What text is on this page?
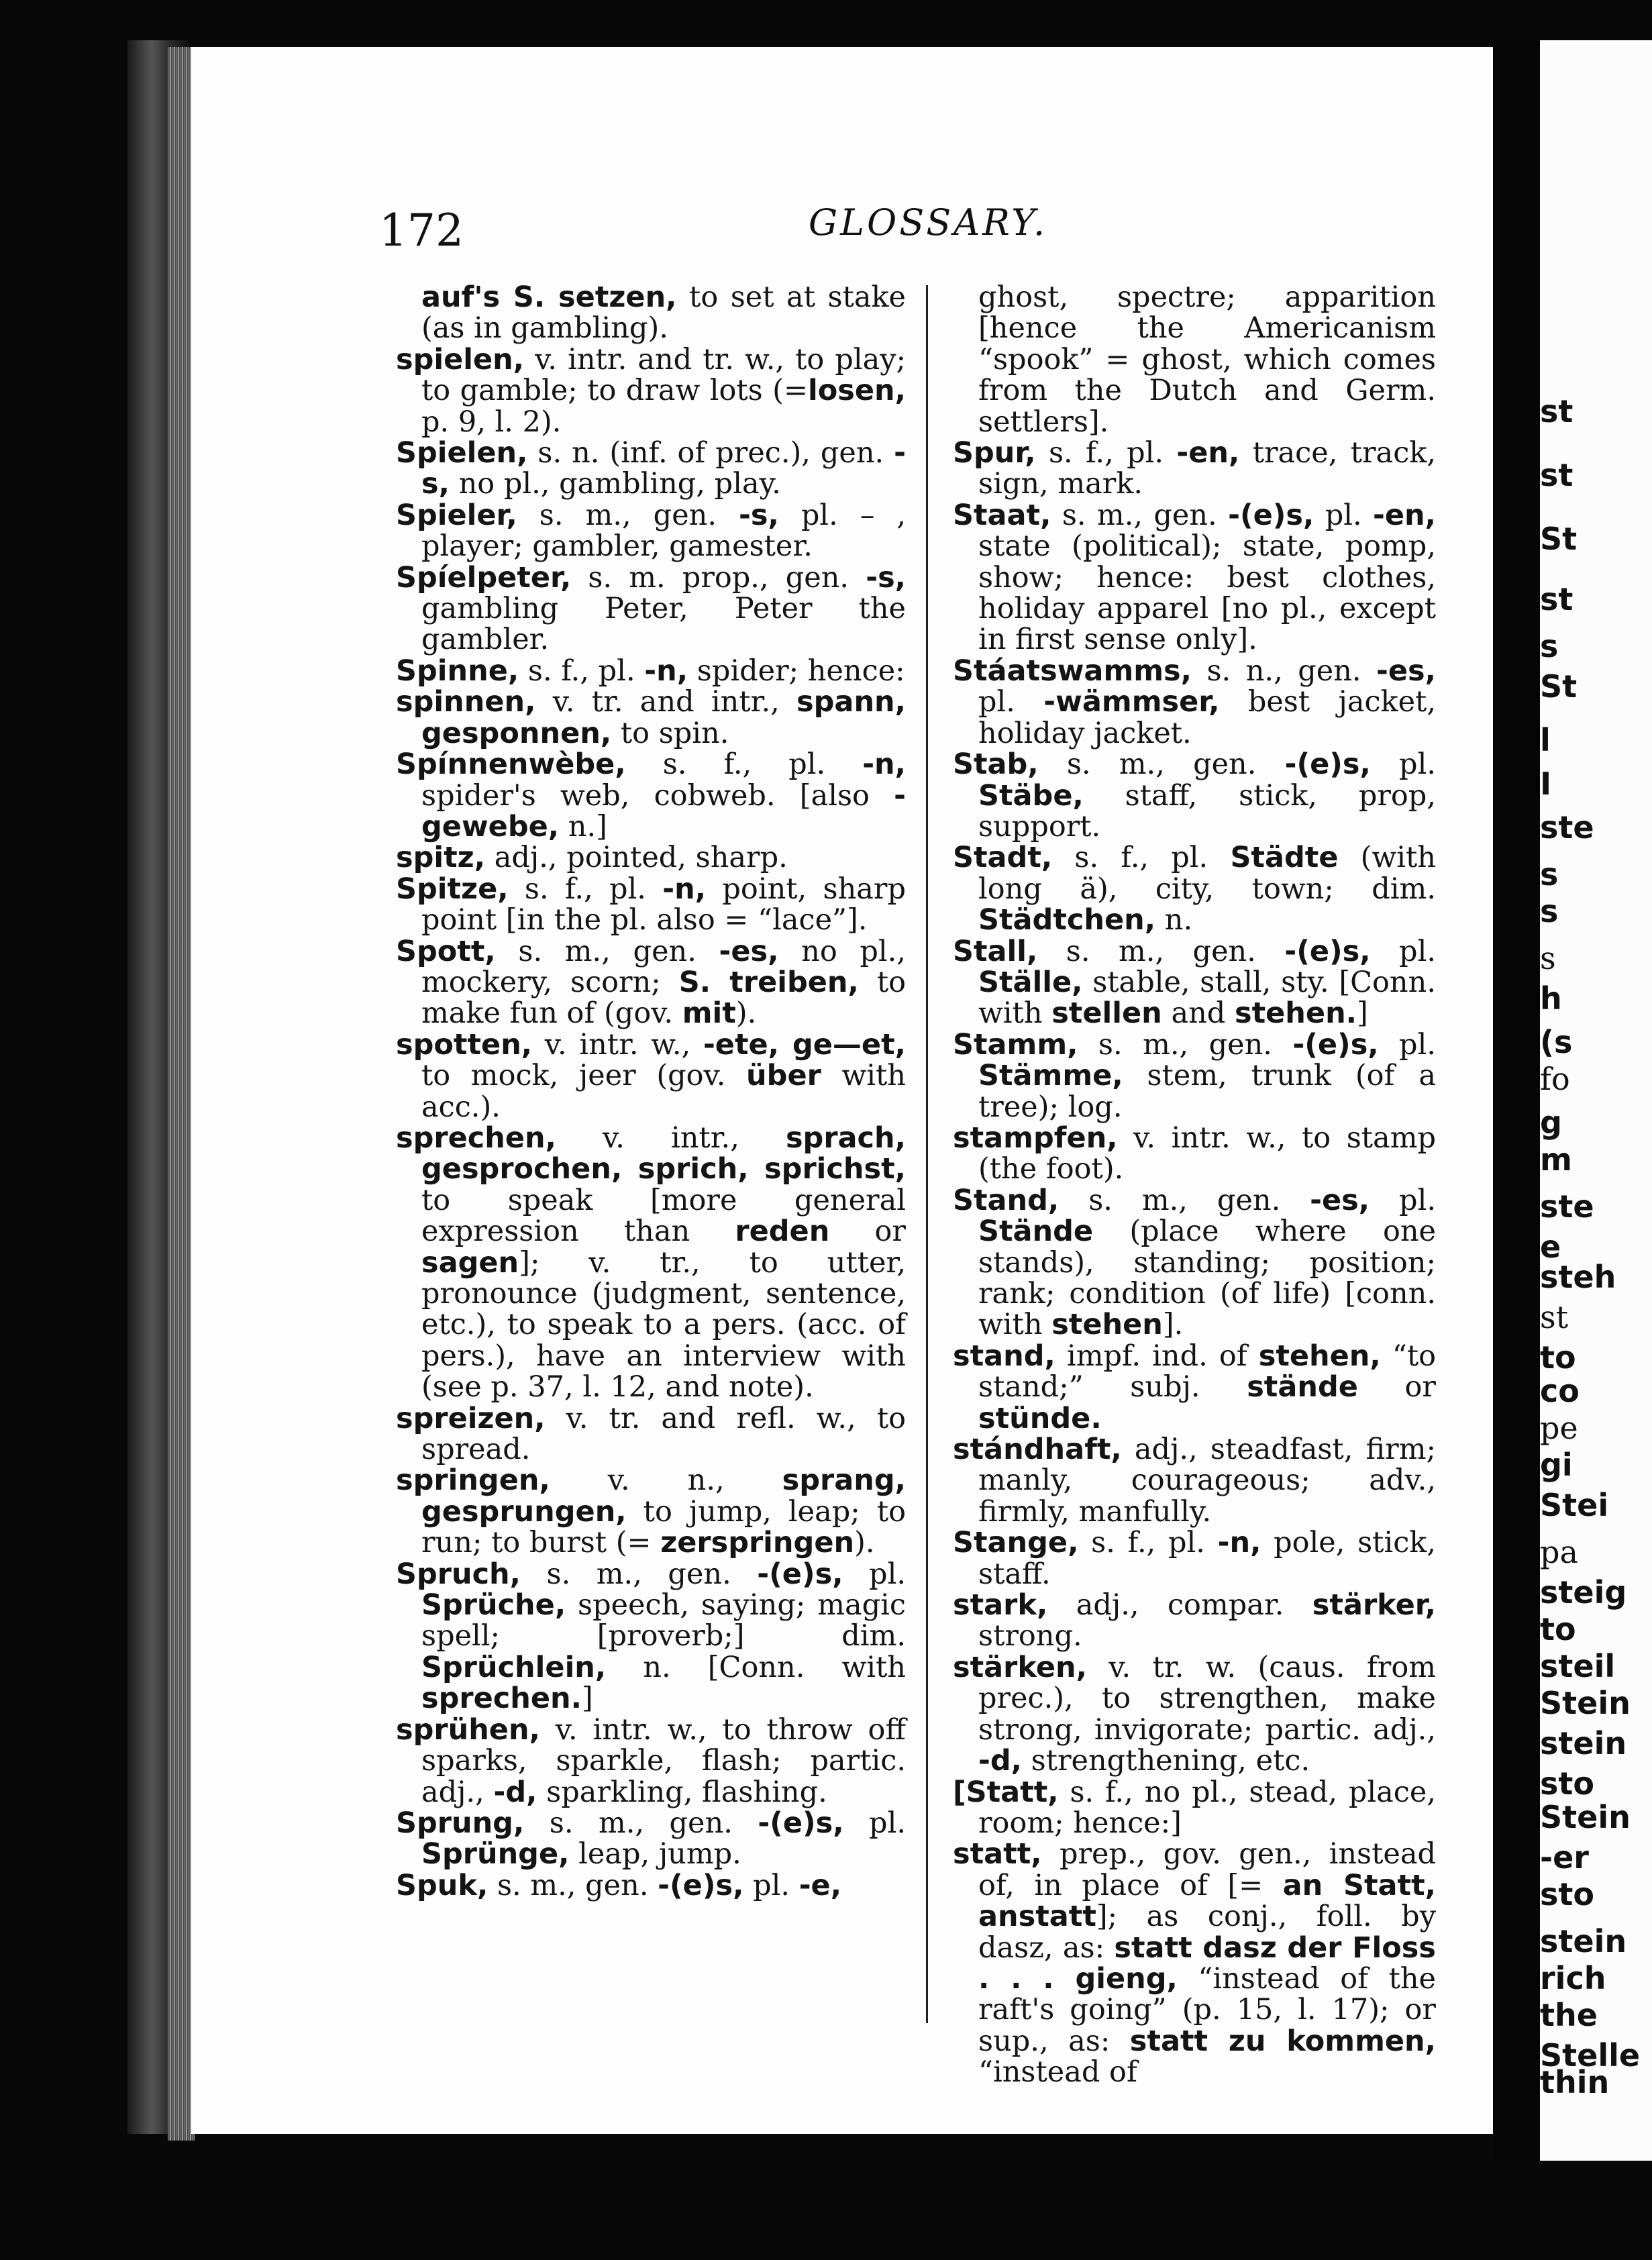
st
st
St
st
s
St
l
I
ste
s
s
s
h
(s
fo
g
m
ste
e
steh
st
to
co
pe
gi
Stei
pa
steig
to
steil
Stein
stein
sto
Stein
-er
sto
stein
rich
the
Stelle
thin
172	GLOSSARY.

auf's S. setzen, to set at stake (as in gambling).

spielen, v. intr. and tr. w., to play; to gamble; to draw lots (=losen, p. 9, l. 2).

Spielen, s. n. (inf. of prec.), gen. -s, no pl., gambling, play.

Spieler, s. m., gen. -s, pl. – , player; gambler, gamester.

Spíelpeter, s. m. prop., gen. -s, gambling Peter, Peter the gambler.

Spinne, s. f., pl. -n, spider; hence:

spinnen, v. tr. and intr., spann, gesponnen, to spin.

Spínnenwèbe, s. f., pl. -n, spider's web, cobweb. [also -gewebe, n.]

spitz, adj., pointed, sharp.

Spitze, s. f., pl. -n, point, sharp point [in the pl. also = “lace”].

Spott, s. m., gen. -es, no pl., mockery, scorn; S. treiben, to make fun of (gov. mit).

spotten, v. intr. w., -ete, ge—et, to mock, jeer (gov. über with acc.).

sprechen, v. intr., sprach, gesprochen, sprich, sprichst, to speak [more general expression than reden or sagen]; v. tr., to utter, pronounce (judgment, sentence, etc.), to speak to a pers. (acc. of pers.), have an interview with (see p. 37, l. 12, and note).

spreizen, v. tr. and refl. w., to spread.

springen, v. n., sprang, gesprungen, to jump, leap; to run; to burst (= zerspringen).

Spruch, s. m., gen. -(e)s, pl. Sprüche, speech, saying; magic spell; [proverb;] dim. Sprüchlein, n. [Conn. with sprechen.]

sprühen, v. intr. w., to throw off sparks, sparkle, flash; partic. adj., -d, sparkling, flashing.

Sprung, s. m., gen. -(e)s, pl. Sprünge, leap, jump.

Spuk, s. m., gen. -(e)s, pl. -e,

ghost, spectre; apparition [hence the Americanism “spook” = ghost, which comes from the Dutch and Germ. settlers].

Spur, s. f., pl. -en, trace, track, sign, mark.

Staat, s. m., gen. -(e)s, pl. -en, state (political); state, pomp, show; hence: best clothes, holiday apparel [no pl., except in first sense only].

Stáatswamms, s. n., gen. -es, pl. -wämmser, best jacket, holiday jacket.

Stab, s. m., gen. -(e)s, pl. Stäbe, staff, stick, prop, support.

Stadt, s. f., pl. Städte (with long ä), city, town; dim. Städtchen, n.

Stall, s. m., gen. -(e)s, pl. Ställe, stable, stall, sty. [Conn. with stellen and stehen.]

Stamm, s. m., gen. -(e)s, pl. Stämme, stem, trunk (of a tree); log.

stampfen, v. intr. w., to stamp (the foot).

Stand, s. m., gen. -es, pl. Stände (place where one stands), standing; position; rank; condition (of life) [conn. with stehen].

stand, impf. ind. of stehen, “to stand;” subj. stände or stünde.

stándhaft, adj., steadfast, firm; manly, courageous; adv., firmly, manfully.

Stange, s. f., pl. -n, pole, stick, staff.

stark, adj., compar. stärker, strong.

stärken, v. tr. w. (caus. from prec.), to strengthen, make strong, invigorate; partic. adj., -d, strengthening, etc.

[Statt, s. f., no pl., stead, place, room; hence:]

statt, prep., gov. gen., instead of, in place of [= an Statt, anstatt]; as conj., foll. by dasz, as: statt dasz der Floss . . . gieng, “instead of the raft's going” (p. 15, l. 17); or sup., as: statt zu kommen, “instead of
